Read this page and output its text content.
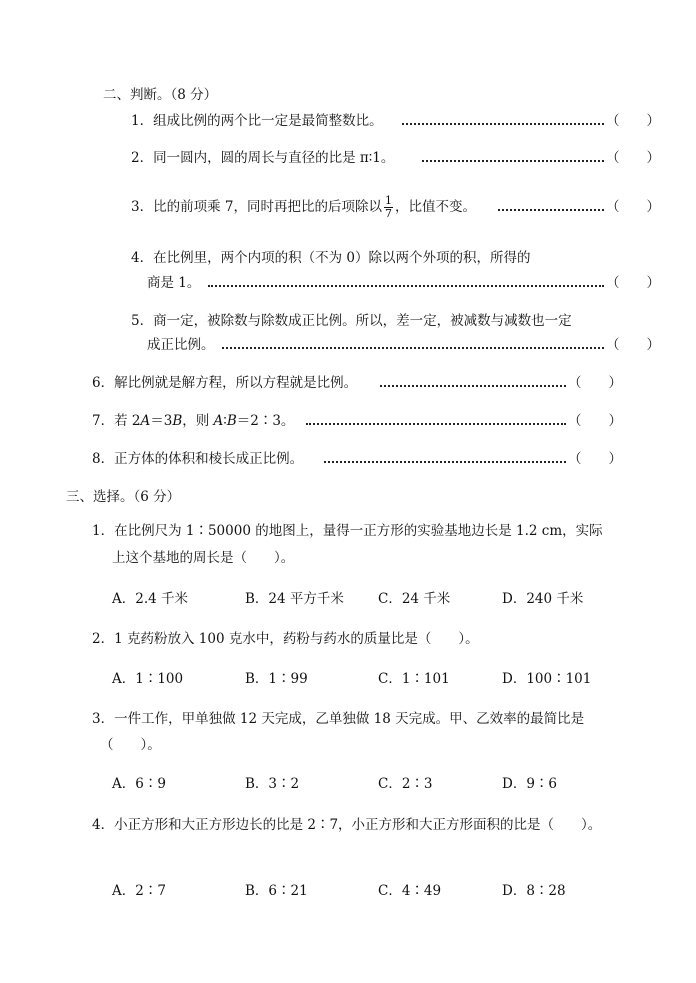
二、判断。（8 分）
1．组成比例的两个比一定是最简整数比。	（　　）
2．同一圆内，圆的周长与直径的比是 π∶1。	（　　）
3．比的前项乘 7，同时再把比的后项除以 $\frac{1}{7}$ ，比值不变。	（　　）
4．在比例里，两个内项的积（不为 0）除以两个外项的积，所得的
商是 1。	（　　）
5．商一定，被除数与除数成正比例。所以，差一定，被减数与减数也一定
成正比例。	（　　）
6．解比例就是解方程，所以方程就是比例。	（　　）
7．若 2A＝3B，则 A∶B＝2∶3。	（　　）
8．正方体的体积和棱长成正比例。	（　　）
三、选择。（6 分）
1．在比例尺为 1∶50000 的地图上，量得一正方形的实验基地边长是 1.2 cm，实际
上这个基地的周长是（　　）。
A．2.4 千米	B．24 平方千米	C．24 千米	D．240 千米
2．1 克药粉放入 100 克水中，药粉与药水的质量比是（　　）。
A．1∶100	B．1∶99	C．1∶101	D．100∶101
3．一件工作，甲单独做 12 天完成，乙单独做 18 天完成。甲、乙效率的最简比是
（　　）。
A．6∶9	B．3∶2	C．2∶3	D．9∶6
4．小正方形和大正方形边长的比是 2∶7，小正方形和大正方形面积的比是（　　）。
A．2∶7	B．6∶21	C．4∶49	D．8∶28
